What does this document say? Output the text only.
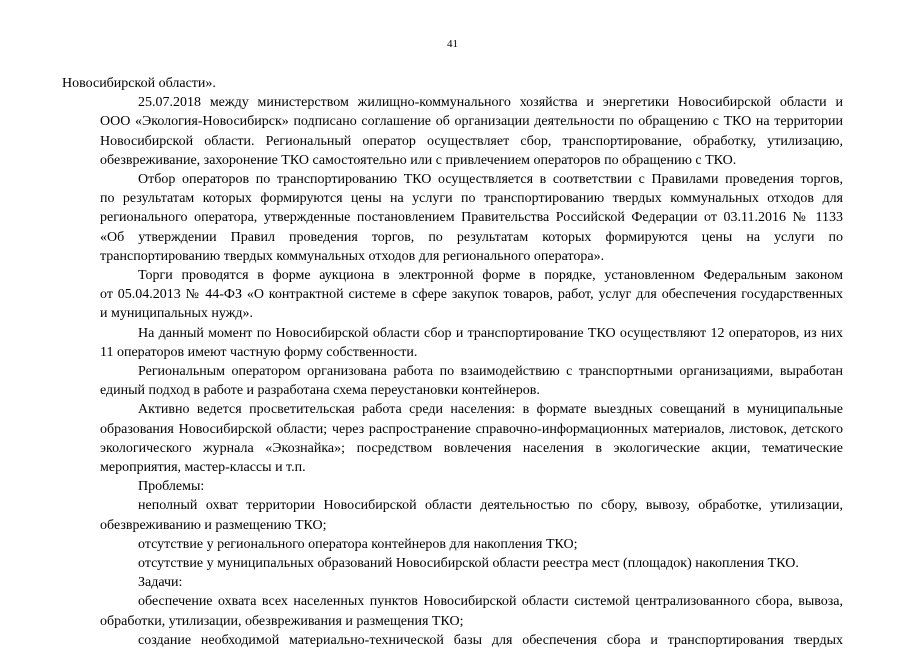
41

Новосибирской области».

25.07.2018 между министерством жилищно-коммунального хозяйства и энергетики Новосибирской области и
ООО «Экология-Новосибирск» подписано соглашение об организации деятельности по обращению с ТКО на территории
Новосибирской области. Региональный оператор осуществляет сбор, транспортирование, обработку, утилизацию,
обезвреживание, захоронение ТКО самостоятельно или с привлечением операторов по обращению с ТКО.

Отбор операторов по транспортированию ТКО осуществляется в соответствии с Правилами проведения торгов,
по результатам которых формируются цены на услуги по транспортированию твердых коммунальных отходов для
регионального оператора, утвержденные постановлением Правительства Российской Федерации от 03.11.2016 № 1133
«Об утверждении Правил проведения торгов, по результатам которых формируются цены на услуги по
транспортированию твердых коммунальных отходов для регионального оператора».

Торги проводятся в форме аукциона в электронной форме в порядке, установленном Федеральным законом
от 05.04.2013 № 44-ФЗ «О контрактной системе в сфере закупок товаров, работ, услуг для обеспечения государственных
и муниципальных нужд».

На данный момент по Новосибирской области сбор и транспортирование ТКО осуществляют 12 операторов, из них
11 операторов имеют частную форму собственности.

Региональным оператором организована работа по взаимодействию с транспортными организациями, выработан
единый подход в работе и разработана схема переустановки контейнеров.

Активно ведется просветительская работа среди населения: в формате выездных совещаний в муниципальные
образования Новосибирской области; через распространение справочно-информационных материалов, листовок, детского
экологического журнала «Экознайка»; посредством вовлечения населения в экологические акции, тематические
мероприятия, мастер-классы и т.п.

Проблемы:

неполный охват территории Новосибирской области деятельностью по сбору, вывозу, обработке, утилизации,
обезвреживанию и размещению ТКО;

отсутствие у регионального оператора контейнеров для накопления ТКО;

отсутствие у муниципальных образований Новосибирской области реестра мест (площадок) накопления ТКО.

Задачи:

обеспечение охвата всех населенных пунктов Новосибирской области системой централизованного сбора, вывоза,
обработки, утилизации, обезвреживания и размещения ТКО;

создание необходимой материально-технической базы для обеспечения сбора и транспортирования твердых
